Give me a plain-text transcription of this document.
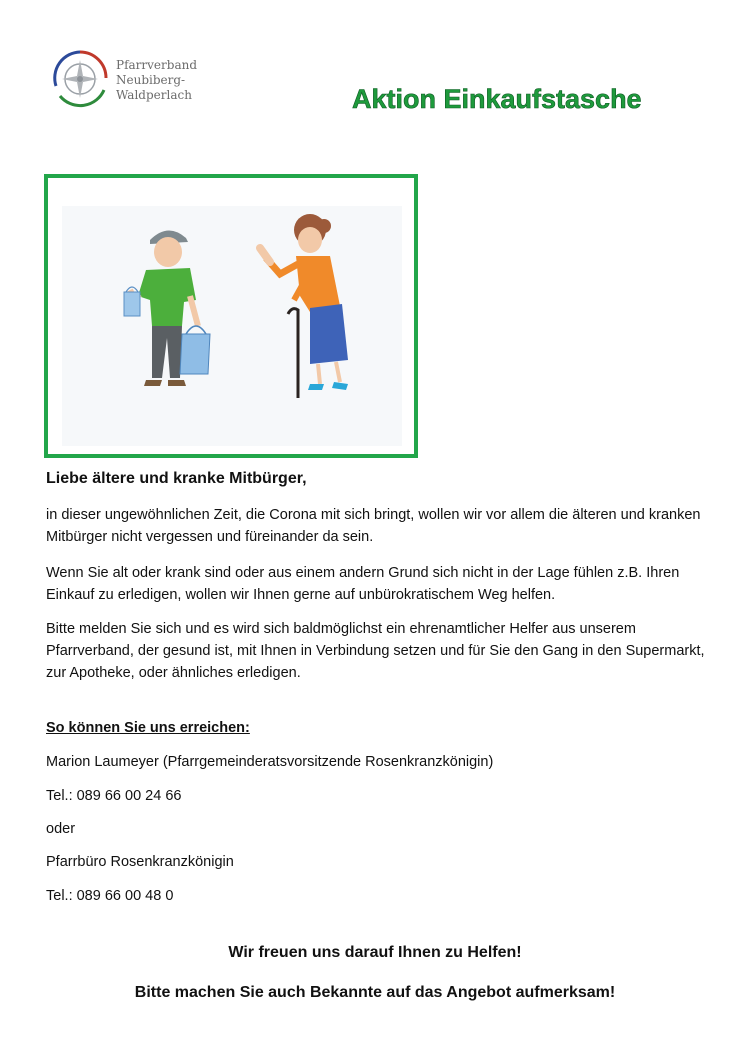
Pfarrverband
Neubiberg-
Waldperlach	Aktion Einkaufstasche
Liebe ältere und kranke Mitbürger,
in dieser ungewöhnlichen Zeit, die Corona mit sich bringt, wollen wir vor allem die älteren und kranken Mitbürger nicht vergessen und füreinander da sein.
Wenn Sie alt oder krank sind oder aus einem andern Grund sich nicht in der Lage fühlen z.B. Ihren Einkauf zu erledigen, wollen wir Ihnen gerne auf unbürokratischem Weg helfen.
Bitte melden Sie sich und es wird sich baldmöglichst ein ehrenamtlicher Helfer aus unserem Pfarrverband, der gesund ist, mit Ihnen in Verbindung setzen und für Sie den Gang in den Supermarkt, zur Apotheke, oder ähnliches erledigen.
So können Sie uns erreichen:
Marion Laumeyer (Pfarrgemeinderatsvorsitzende Rosenkranzkönigin)
Tel.: 089 66 00 24 66
oder
Pfarrbüro Rosenkranzkönigin
Tel.: 089 66 00 48 0
Wir freuen uns darauf Ihnen zu Helfen!
Bitte machen Sie auch Bekannte auf das Angebot aufmerksam!
